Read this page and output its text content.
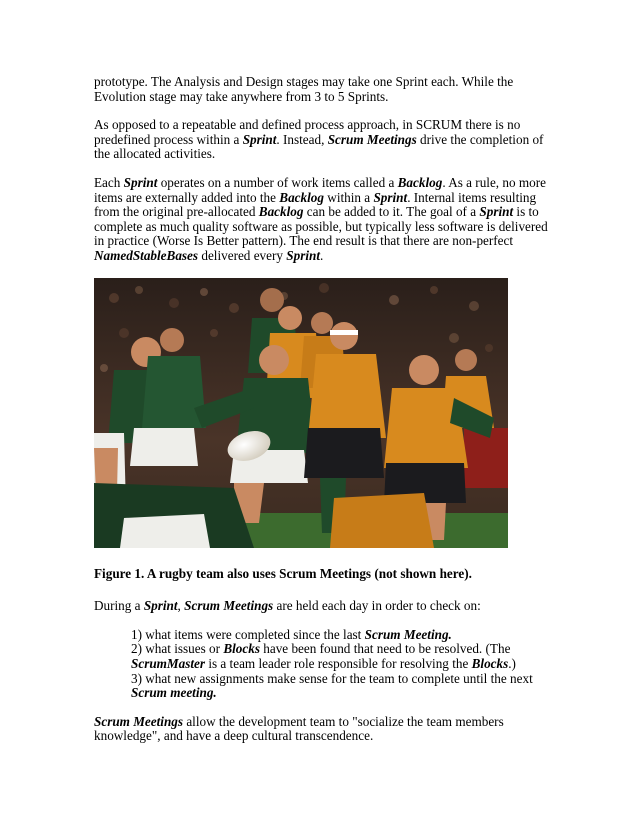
prototype. The Analysis and Design stages may take one Sprint each. While the Evolution stage may take anywhere from 3 to 5 Sprints.

As opposed to a repeatable and defined process approach, in SCRUM there is no predefined process within a Sprint. Instead, Scrum Meetings drive the completion of the allocated activities.

Each Sprint operates on a number of work items called a Backlog. As a rule, no more items are externally added into the Backlog within a Sprint. Internal items resulting from the original pre-allocated Backlog can be added to it. The goal of a Sprint is to complete as much quality software as possible, but typically less software is delivered in practice (Worse Is Better pattern). The end result is that there are non-perfect NamedStableBases delivered every Sprint.

Figure 1. A rugby team also uses Scrum Meetings (not shown here).

During a Sprint, Scrum Meetings are held each day in order to check on:

1) what items were completed since the last Scrum Meeting.

2) what issues or Blocks have been found that need to be resolved. (The ScrumMaster is a team leader role responsible for resolving the Blocks.)

3) what new assignments make sense for the team to complete until the next Scrum meeting.

Scrum Meetings allow the development team to "socialize the team members knowledge", and have a deep cultural transcendence.
